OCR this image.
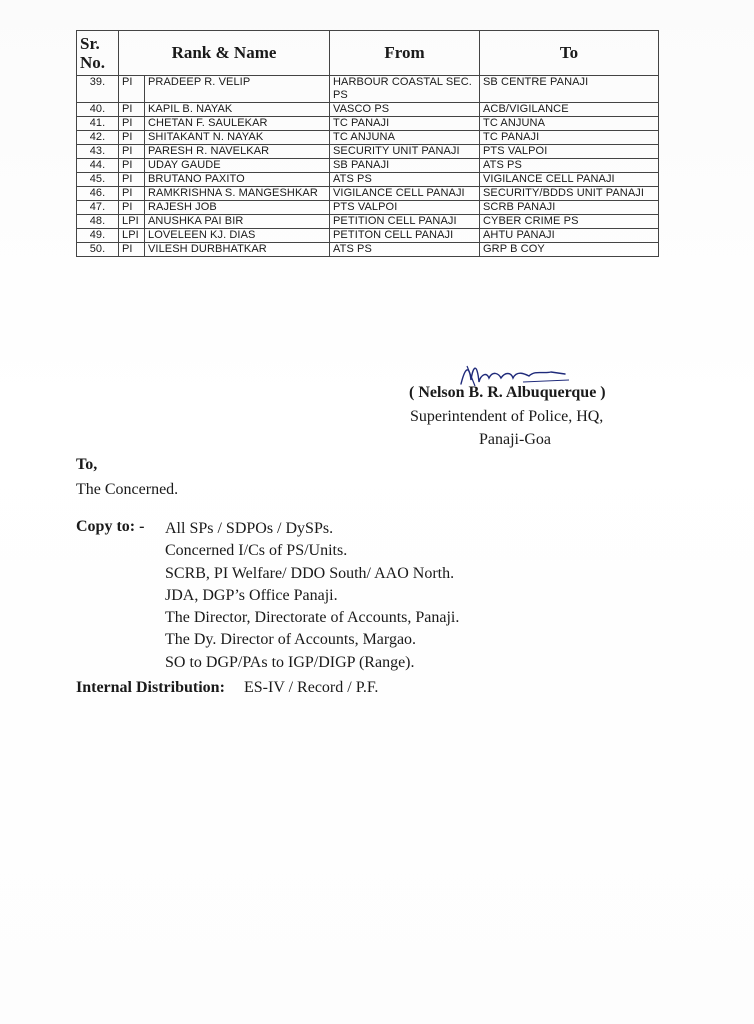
Sr. No.	Rank & Name		From	To
39.	PI	PRADEEP R. VELIP	HARBOUR COASTAL SEC. PS	SB CENTRE PANAJI
40.	PI	KAPIL B. NAYAK	VASCO PS	ACB/VIGILANCE
41.	PI	CHETAN F. SAULEKAR	TC PANAJI	TC ANJUNA
42.	PI	SHITAKANT N. NAYAK	TC ANJUNA	TC PANAJI
43.	PI	PARESH R. NAVELKAR	SECURITY UNIT PANAJI	PTS VALPOI
44.	PI	UDAY GAUDE	SB PANAJI	ATS PS
45.	PI	BRUTANO PAXITO	ATS PS	VIGILANCE CELL PANAJI
46.	PI	RAMKRISHNA S. MANGESHKAR	VIGILANCE CELL PANAJI	SECURITY/BDDS UNIT PANAJI
47.	PI	RAJESH JOB	PTS VALPOI	SCRB PANAJI
48.	LPI	ANUSHKA PAI BIR	PETITION CELL PANAJI	CYBER CRIME PS
49.	LPI	LOVELEEN KJ. DIAS	PETITON CELL PANAJI	AHTU PANAJI
50.	PI	VILESH DURBHATKAR	ATS PS	GRP B COY
( Nelson B. R. Albuquerque )
Superintendent of Police, HQ,
Panaji-Goa
To,
The Concerned.
Copy to: - All SPs / SDPOs / DySPs.
Concerned I/Cs of PS/Units.
SCRB, PI Welfare/ DDO South/ AAO North.
JDA, DGP’s Office Panaji.
The Director, Directorate of Accounts, Panaji.
The Dy. Director of Accounts, Margao.
SO to DGP/PAs to IGP/DIGP (Range).
Internal Distribution: ES-IV / Record / P.F.
